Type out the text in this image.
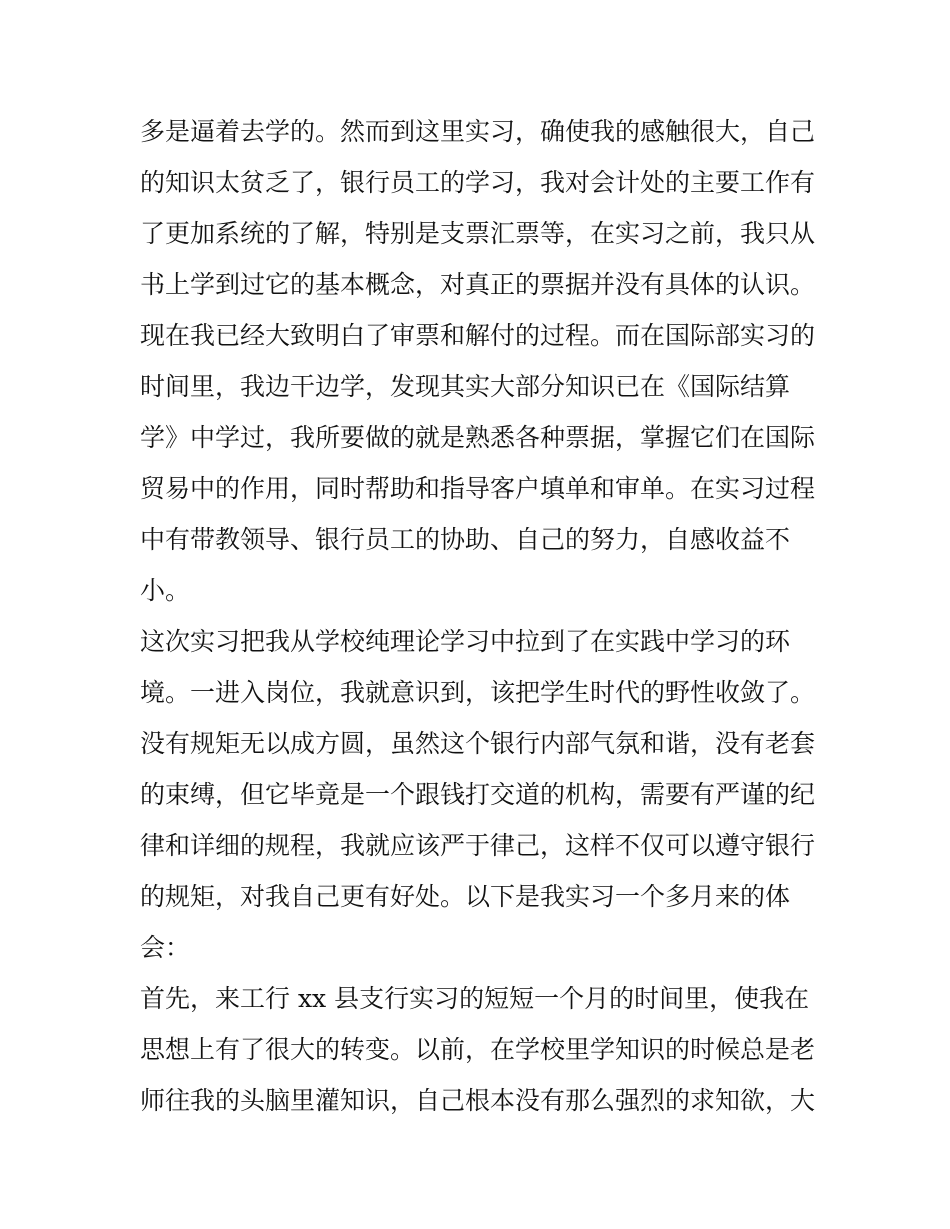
多是逼着去学的。然而到这里实习，确使我的感触很大，自己
的知识太贫乏了，银行员工的学习，我对会计处的主要工作有
了更加系统的了解，特别是支票汇票等，在实习之前，我只从
书上学到过它的基本概念，对真正的票据并没有具体的认识。
现在我已经大致明白了审票和解付的过程。而在国际部实习的
时间里，我边干边学，发现其实大部分知识已在《国际结算
学》中学过，我所要做的就是熟悉各种票据，掌握它们在国际
贸易中的作用，同时帮助和指导客户填单和审单。在实习过程
中有带教领导、银行员工的协助、自己的努力，自感收益不
小。
这次实习把我从学校纯理论学习中拉到了在实践中学习的环
境。一进入岗位，我就意识到，该把学生时代的野性收敛了。
没有规矩无以成方圆，虽然这个银行内部气氛和谐，没有老套
的束缚，但它毕竟是一个跟钱打交道的机构，需要有严谨的纪
律和详细的规程，我就应该严于律己，这样不仅可以遵守银行
的规矩，对我自己更有好处。以下是我实习一个多月来的体
会：
首先，来工行 xx 县支行实习的短短一个月的时间里，使我在
思想上有了很大的转变。以前，在学校里学知识的时候总是老
师往我的头脑里灌知识，自己根本没有那么强烈的求知欲，大
